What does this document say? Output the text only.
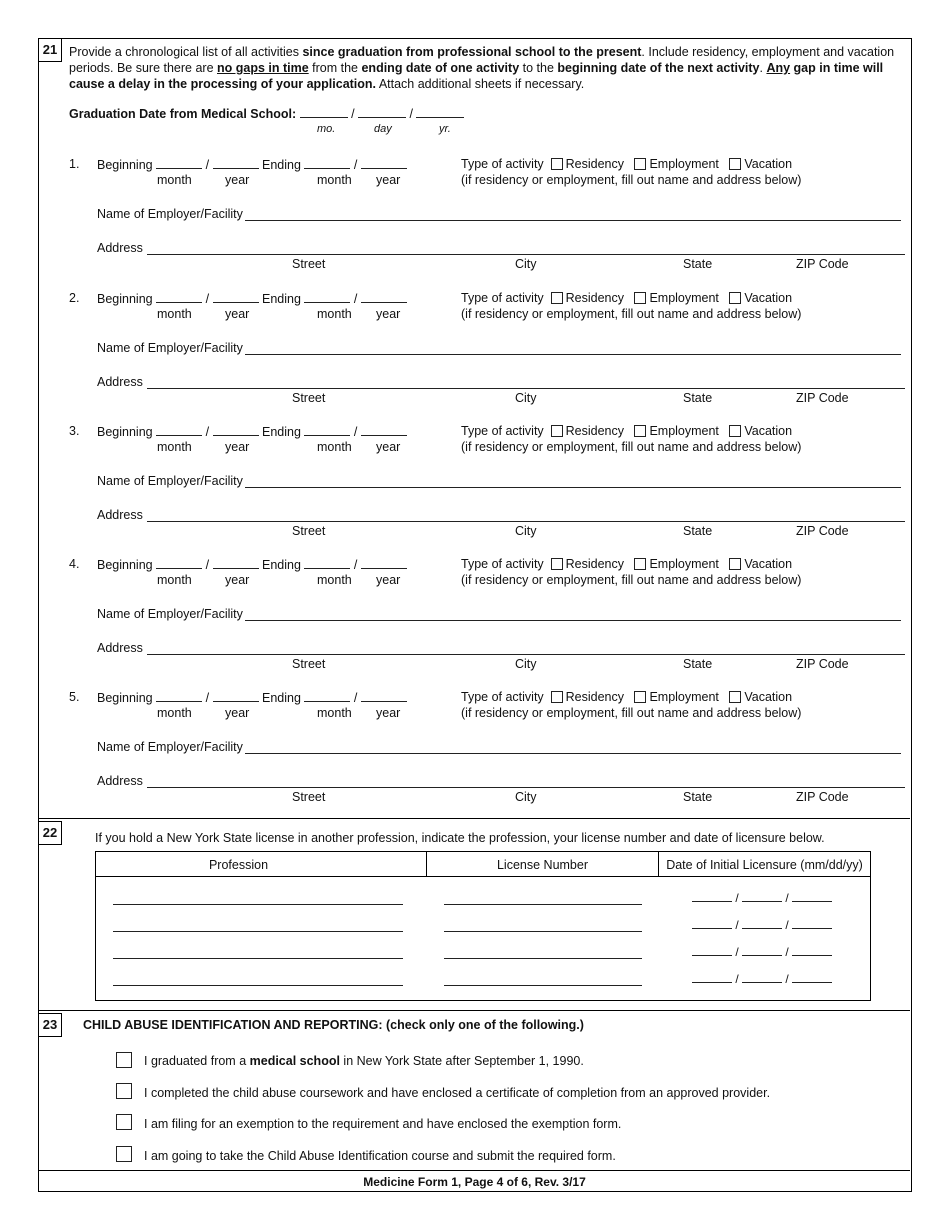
21 Provide a chronological list of all activities since graduation from professional school to the present. Include residency, employment and vacation periods. Be sure there are no gaps in time from the ending date of one activity to the beginning date of the next activity. Any gap in time will cause a delay in the processing of your application. Attach additional sheets if necessary.
Graduation Date from Medical School:	/	/
mo.	day	yr.
1. Beginning	/	Ending	/
month	year	month year
Type of activity Residency Employment Vacation
(if residency or employment, fill out name and address below)
Name of Employer/Facility
Address
Street	City	State	ZIP Code
2. Beginning	/	Ending	/
month	year	month year
Type of activity Residency Employment Vacation
(if residency or employment, fill out name and address below)
Name of Employer/Facility
Address
Street	City	State	ZIP Code
3. Beginning	/	Ending	/
month	year	month year
Type of activity Residency Employment Vacation
(if residency or employment, fill out name and address below)
Name of Employer/Facility
Address
Street	City	State	ZIP Code
4. Beginning	/	Ending	/
month	year	month year
Type of activity Residency Employment Vacation
(if residency or employment, fill out name and address below)
Name of Employer/Facility
Address
Street	City	State	ZIP Code
5. Beginning	/	Ending	/
month	year	month year
Type of activity Residency Employment Vacation
(if residency or employment, fill out name and address below)
Name of Employer/Facility
Address
Street	City	State	ZIP Code
22	If you hold a New York State license in another profession, indicate the profession, your license number and date of licensure below.
Profession	License Number	Date of Initial Licensure (mm/dd/yy)
/	/
/	/
/	/
/	/
23	CHILD ABUSE IDENTIFICATION AND REPORTING: (check only one of the following.)
I graduated from a medical school in New York State after September 1, 1990.
I completed the child abuse coursework and have enclosed a certificate of completion from an approved provider.
I am filing for an exemption to the requirement and have enclosed the exemption form.
I am going to take the Child Abuse Identification course and submit the required form.
Medicine Form 1, Page 4 of 6, Rev. 3/17
